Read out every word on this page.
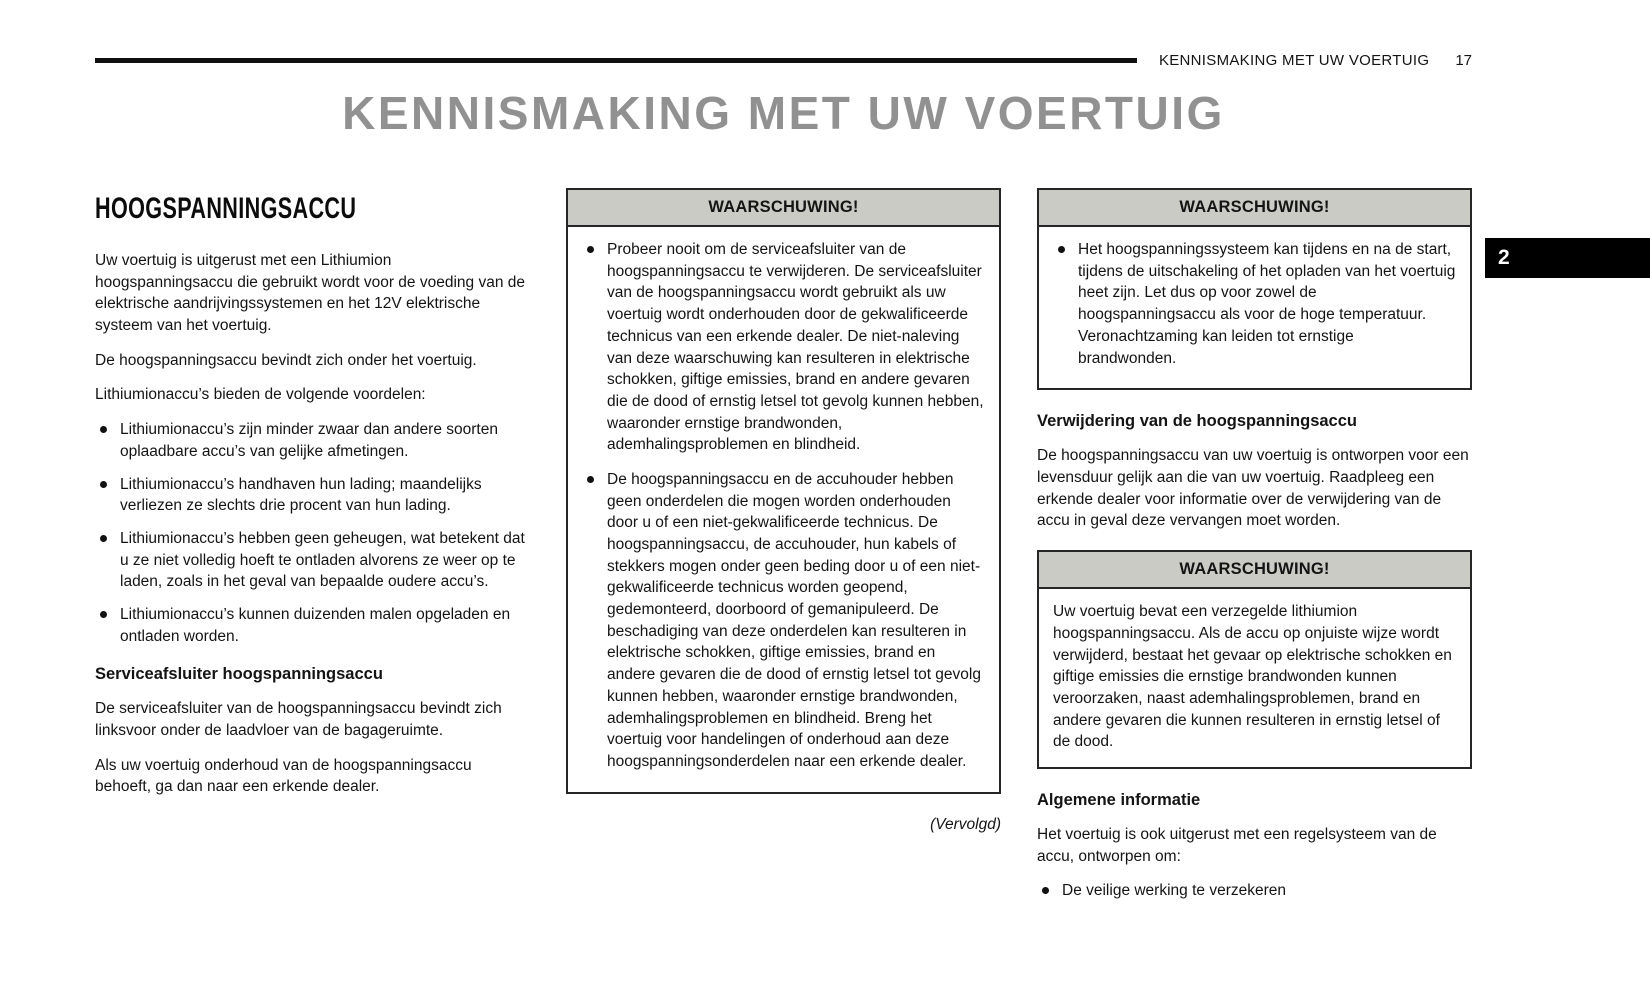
KENNISMAKING MET UW VOERTUIG 17
KENNISMAKING MET UW VOERTUIG
2
HOOGSPANNINGSACCU

Uw voertuig is uitgerust met een Lithiumion hoogspanningsaccu die gebruikt wordt voor de voeding van de elektrische aandrijvingssystemen en het 12V elektrische systeem van het voertuig.

De hoogspanningsaccu bevindt zich onder het voertuig.

Lithiumionaccu’s bieden de volgende voordelen:

Lithiumionaccu’s zijn minder zwaar dan andere soorten oplaadbare accu’s van gelijke afmetingen.
Lithiumionaccu’s handhaven hun lading; maandelijks verliezen ze slechts drie procent van hun lading.
Lithiumionaccu’s hebben geen geheugen, wat betekent dat u ze niet volledig hoeft te ontladen alvorens ze weer op te laden, zoals in het geval van bepaalde oudere accu’s.
Lithiumionaccu’s kunnen duizenden malen opgeladen en ontladen worden.
Serviceafsluiter hoogspanningsaccu

De serviceafsluiter van de hoogspanningsaccu bevindt zich linksvoor onder de laadvloer van de bagageruimte.

Als uw voertuig onderhoud van de hoogspanningsaccu behoeft, ga dan naar een erkende dealer.

WAARSCHUWING!
Probeer nooit om de serviceafsluiter van de hoogspanningsaccu te verwijderen. De serviceafsluiter van de hoogspanningsaccu wordt gebruikt als uw voertuig wordt onderhouden door de gekwalificeerde technicus van een erkende dealer. De niet-naleving van deze waarschuwing kan resulteren in elektrische schokken, giftige emissies, brand en andere gevaren die de dood of ernstig letsel tot gevolg kunnen hebben, waaronder ernstige brandwonden, ademhalingsproblemen en blindheid.
De hoogspanningsaccu en de accuhouder hebben geen onderdelen die mogen worden onderhouden door u of een niet-gekwalificeerde technicus. De hoogspanningsaccu, de accuhouder, hun kabels of stekkers mogen onder geen beding door u of een niet-gekwalificeerde technicus worden geopend, gedemonteerd, doorboord of gemanipuleerd. De beschadiging van deze onderdelen kan resulteren in elektrische schokken, giftige emissies, brand en andere gevaren die de dood of ernstig letsel tot gevolg kunnen hebben, waaronder ernstige brandwonden, ademhalingsproblemen en blindheid. Breng het voertuig voor handelingen of onderhoud aan deze hoogspanningsonderdelen naar een erkende dealer.
(Vervolgd)
WAARSCHUWING!
Het hoogspanningssysteem kan tijdens en na de start, tijdens de uitschakeling of het opladen van het voertuig heet zijn. Let dus op voor zowel de hoogspanningsaccu als voor de hoge temperatuur. Veronachtzaming kan leiden tot ernstige brandwonden.
Verwijdering van de hoogspanningsaccu

De hoogspanningsaccu van uw voertuig is ontworpen voor een levensduur gelijk aan die van uw voertuig. Raadpleeg een erkende dealer voor informatie over de verwijdering van de accu in geval deze vervangen moet worden.

WAARSCHUWING!

Uw voertuig bevat een verzegelde lithiumion hoogspanningsaccu. Als de accu op onjuiste wijze wordt verwijderd, bestaat het gevaar op elektrische schokken en giftige emissies die ernstige brandwonden kunnen veroorzaken, naast ademhalingsproblemen, brand en andere gevaren die kunnen resulteren in ernstig letsel of de dood.

Algemene informatie

Het voertuig is ook uitgerust met een regelsysteem van de accu, ontworpen om:

De veilige werking te verzekeren
